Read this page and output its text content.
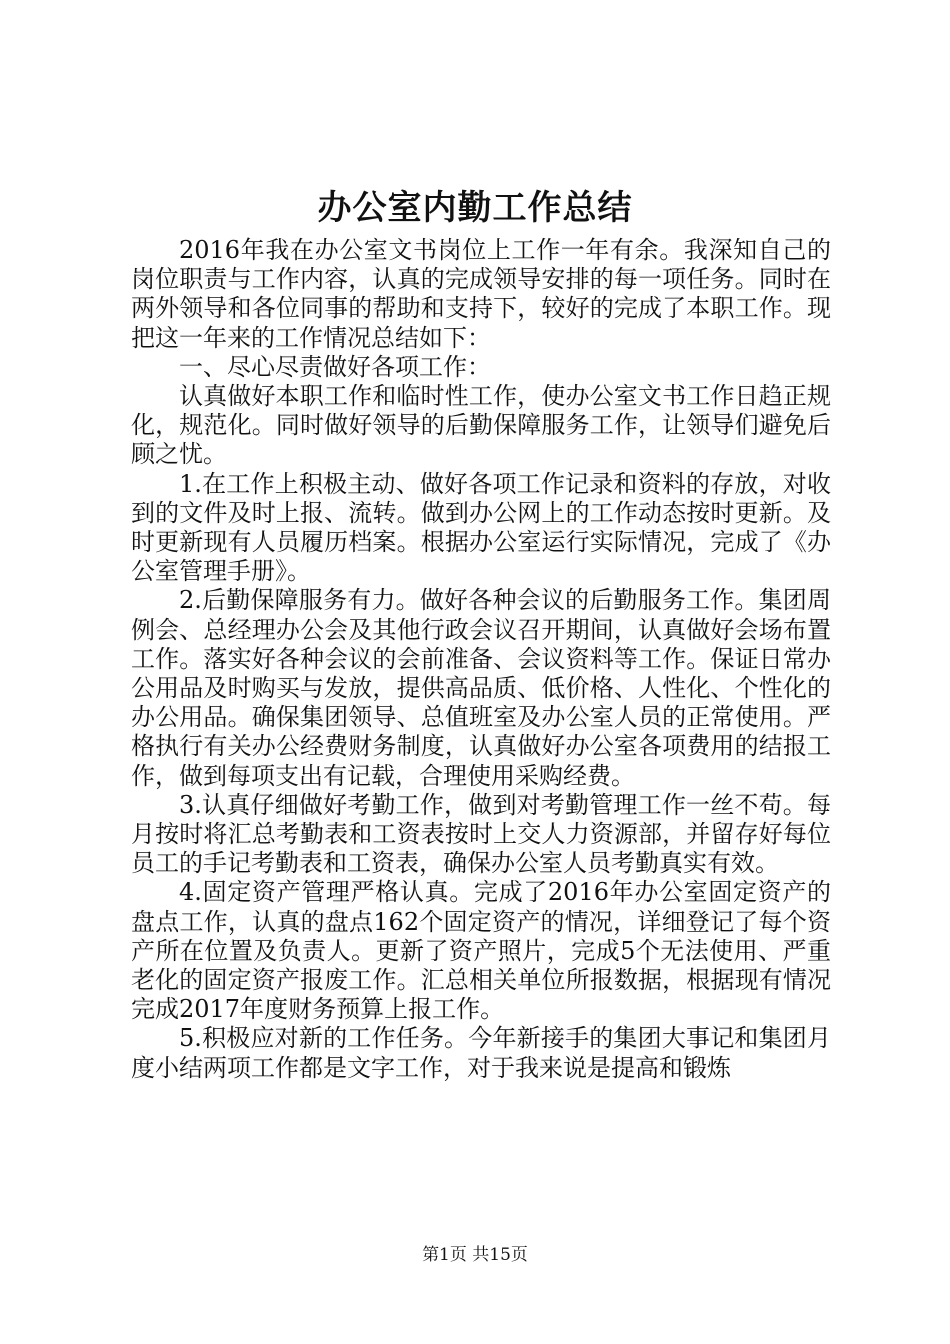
办公室内勤工作总结

2016年我在办公室文书岗位上工作一年有余。我深知自己的岗位职责与工作内容，认真的完成领导安排的每一项任务。同时在两外领导和各位同事的帮助和支持下，较好的完成了本职工作。现把这一年来的工作情况总结如下：

一、尽心尽责做好各项工作：

认真做好本职工作和临时性工作，使办公室文书工作日趋正规化，规范化。同时做好领导的后勤保障服务工作，让领导们避免后顾之忧。

1.在工作上积极主动、做好各项工作记录和资料的存放，对收到的文件及时上报、流转。做到办公网上的工作动态按时更新。及时更新现有人员履历档案。根据办公室运行实际情况，完成了《办公室管理手册》。

2.后勤保障服务有力。做好各种会议的后勤服务工作。集团周例会、总经理办公会及其他行政会议召开期间，认真做好会场布置工作。落实好各种会议的会前准备、会议资料等工作。保证日常办公用品及时购买与发放，提供高品质、低价格、人性化、个性化的办公用品。确保集团领导、总值班室及办公室人员的正常使用。严格执行有关办公经费财务制度，认真做好办公室各项费用的结报工作，做到每项支出有记载，合理使用采购经费。

3.认真仔细做好考勤工作，做到对考勤管理工作一丝不苟。每月按时将汇总考勤表和工资表按时上交人力资源部，并留存好每位员工的手记考勤表和工资表，确保办公室人员考勤真实有效。

4.固定资产管理严格认真。完成了2016年办公室固定资产的盘点工作，认真的盘点162个固定资产的情况，详细登记了每个资产所在位置及负责人。更新了资产照片，完成5个无法使用、严重老化的固定资产报废工作。汇总相关单位所报数据，根据现有情况完成2017年度财务预算上报工作。

5.积极应对新的工作任务。今年新接手的集团大事记和集团月度小结两项工作都是文字工作，对于我来说是提高和锻炼

第1页 共15页
